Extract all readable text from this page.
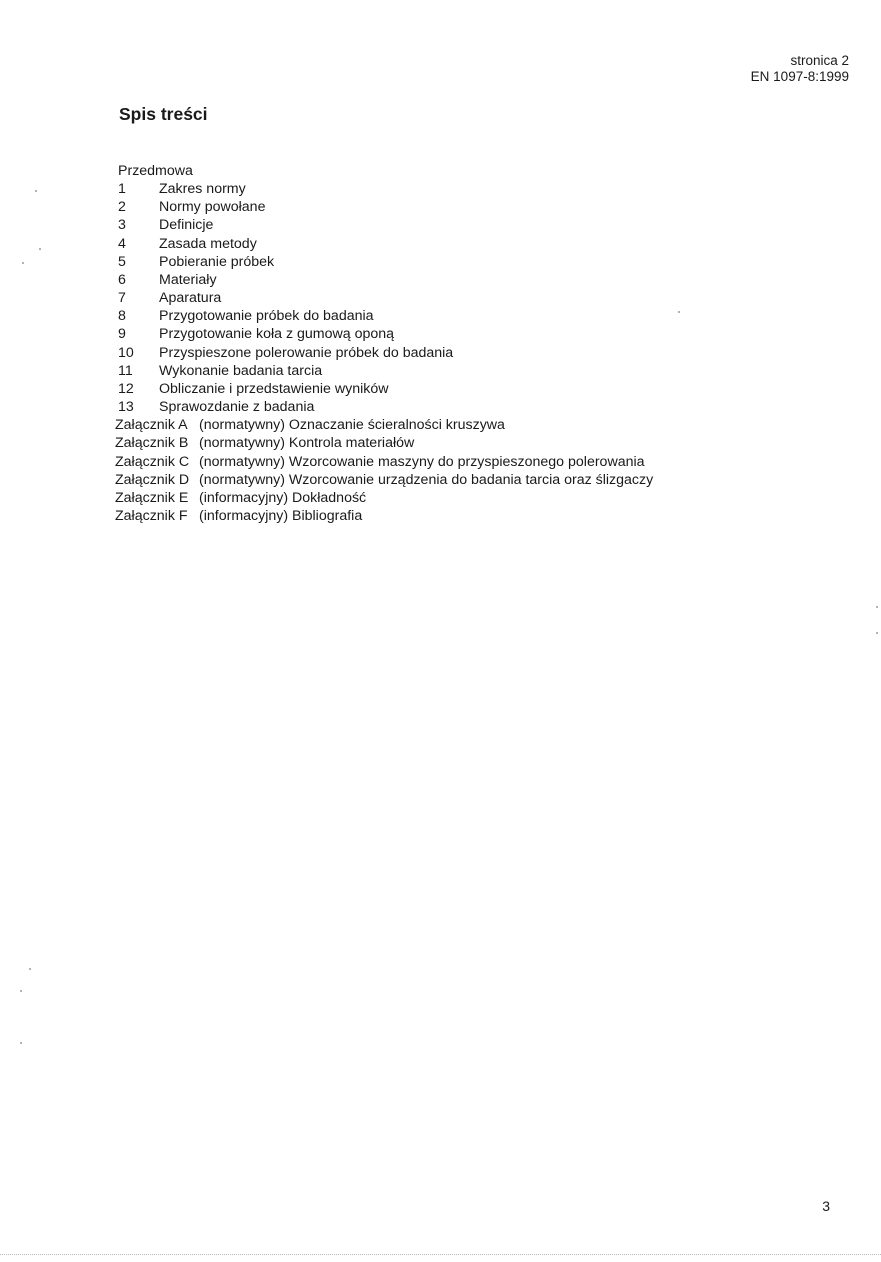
stronica 2
EN 1097-8:1999
Spis treści
Przedmowa
1	Zakres normy
2	Normy powołane
3	Definicje
4	Zasada metody
5	Pobieranie próbek
6	Materiały
7	Aparatura
8	Przygotowanie próbek do badania
9	Przygotowanie koła z gumową oponą
10	Przyspieszone polerowanie próbek do badania
11	Wykonanie badania tarcia
12	Obliczanie i przedstawienie wyników
13	Sprawozdanie z badania
Załącznik A (normatywny) Oznaczanie ścieralności kruszywa
Załącznik B (normatywny) Kontrola materiałów
Załącznik C (normatywny) Wzorcowanie maszyny do przyspieszonego polerowania
Załącznik D (normatywny) Wzorcowanie urządzenia do badania tarcia oraz ślizgaczy
Załącznik E (informacyjny) Dokładność
Załącznik F (informacyjny) Bibliografia
3
